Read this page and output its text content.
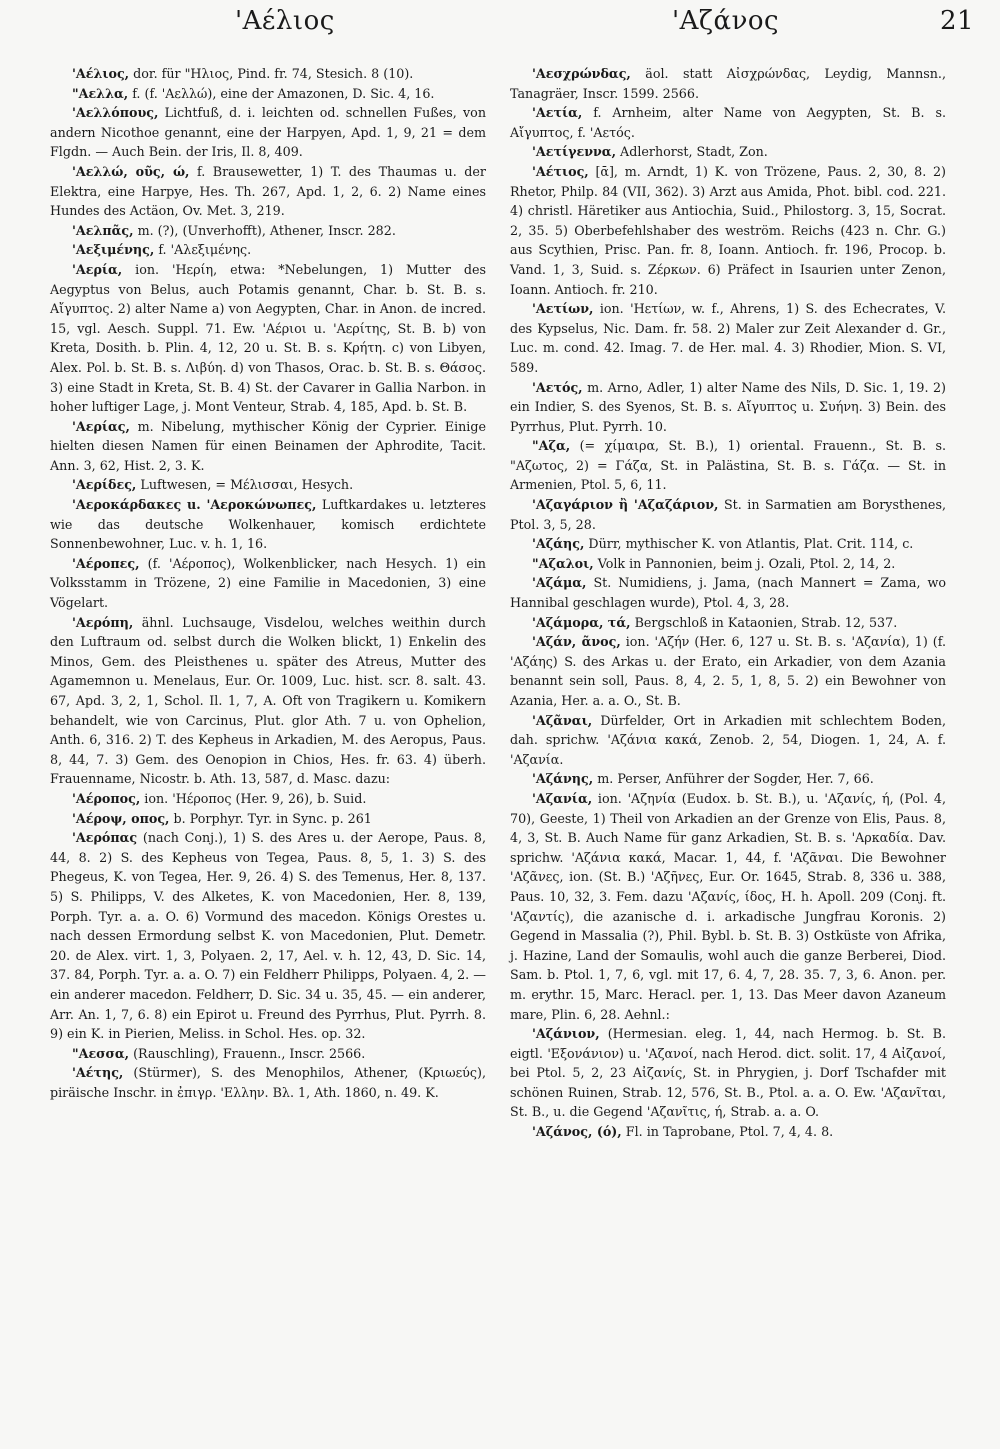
'Αέλιος	'Αζάνος	21

'Αέλιος, dor. für "Ηλιος, Pind. fr. 74, Stesich. 8 (10).

"Αελλα, f. (f. 'Αελλώ), eine der Amazonen, D. Sic. 4, 16.

'Αελλόπους, Lichtfuß, d. i. leichten od. schnellen Fußes, von andern Nicothoe genannt, eine der Harpyen, Apd. 1, 9, 21 = dem Flgdn. — Auch Bein. der Iris, Il. 8, 409.

'Αελλώ, οῦς, ώ, f. Brausewetter, 1) T. des Thaumas u. der Elektra, eine Harpye, Hes. Th. 267, Apd. 1, 2, 6. 2) Name eines Hundes des Actäon, Ov. Met. 3, 219.

'Αελπᾶς, m. (?), (Unverhofft), Athener, Inscr. 282.

'Αεξιμένης, f. 'Αλεξιμένης.

'Αερία, ion. 'Ηερίη, etwa: *Nebelungen, 1) Mutter des Aegyptus von Belus, auch Potamis genannt, Char. b. St. B. s. Αἴγυπτος. 2) alter Name a) von Aegypten, Char. in Anon. de incred. 15, vgl. Aesch. Suppl. 71. Ew. 'Αέριοι u. 'Αερίτης, St. B. b) von Kreta, Dosith. b. Plin. 4, 12, 20 u. St. B. s. Κρήτη. c) von Libyen, Alex. Pol. b. St. B. s. Λιβύη. d) von Thasos, Orac. b. St. B. s. Θάσος. 3) eine Stadt in Kreta, St. B. 4) St. der Cavarer in Gallia Narbon. in hoher luftiger Lage, j. Mont Venteur, Strab. 4, 185, Apd. b. St. B.

'Αερίας, m. Nibelung, mythischer König der Cyprier. Einige hielten diesen Namen für einen Beinamen der Aphrodite, Tacit. Ann. 3, 62, Hist. 2, 3. K.

'Αερίδες, Luftwesen, = Μέλισσαι, Hesych.

'Αεροκάρδακες u. 'Αεροκώνωπες, Luftkardakes u. letzteres wie das deutsche Wolkenhauer, komisch erdichtete Sonnenbewohner, Luc. v. h. 1, 16.

'Αέροπες, (f. 'Αέροπος), Wolkenblicker, nach Hesych. 1) ein Volksstamm in Trözene, 2) eine Familie in Macedonien, 3) eine Vögelart.

'Αερόπη, ähnl. Luchsauge, Visdelou, welches weithin durch den Luftraum od. selbst durch die Wolken blickt, 1) Enkelin des Minos, Gem. des Pleisthenes u. später des Atreus, Mutter des Agamemnon u. Menelaus, Eur. Or. 1009, Luc. hist. scr. 8. salt. 43. 67, Apd. 3, 2, 1, Schol. Il. 1, 7, A. Oft von Tragikern u. Komikern behandelt, wie von Carcinus, Plut. glor Ath. 7 u. von Ophelion, Anth. 6, 316. 2) T. des Kepheus in Arkadien, M. des Aeropus, Paus. 8, 44, 7. 3) Gem. des Oenopion in Chios, Hes. fr. 63. 4) überh. Frauenname, Nicostr. b. Ath. 13, 587, d. Masc. dazu:

'Αέροπος, ion. 'Ηέροπος (Her. 9, 26), b. Suid.

'Αέροψ, οπος, b. Porphyr. Tyr. in Sync. p. 261

'Αερόπας (nach Conj.), 1) S. des Ares u. der Aerope, Paus. 8, 44, 8. 2) S. des Kepheus von Tegea, Paus. 8, 5, 1. 3) S. des Phegeus, K. von Tegea, Her. 9, 26. 4) S. des Temenus, Her. 8, 137. 5) S. Philipps, V. des Alketes, K. von Macedonien, Her. 8, 139, Porph. Tyr. a. a. O. 6) Vormund des macedon. Königs Orestes u. nach dessen Ermordung selbst K. von Macedonien, Plut. Demetr. 20. de Alex. virt. 1, 3, Polyaen. 2, 17, Ael. v. h. 12, 43, D. Sic. 14, 37. 84, Porph. Tyr. a. a. O. 7) ein Feldherr Philipps, Polyaen. 4, 2. — ein anderer macedon. Feldherr, D. Sic. 34 u. 35, 45. — ein anderer, Arr. An. 1, 7, 6. 8) ein Epirot u. Freund des Pyrrhus, Plut. Pyrrh. 8. 9) ein K. in Pierien, Meliss. in Schol. Hes. op. 32.

"Αεσσα, (Rauschling), Frauenn., Inscr. 2566.

'Αέτης, (Stürmer), S. des Menophilos, Athener, (Κριωεύς), piräische Inschr. in ἐπιγρ. 'Ελλην. Βλ. 1, Ath. 1860, n. 49. K.

'Αεσχρώνδας, äol. statt Αἰσχρώνδας, Leydig, Mannsn., Tanagräer, Inscr. 1599. 2566.

'Αετία, f. Arnheim, alter Name von Aegypten, St. B. s. Αἴγυπτος, f. 'Αετός.

'Αετίγεννα, Adlerhorst, Stadt, Zon.

'Αέτιος, [ᾱ], m. Arndt, 1) K. von Trözene, Paus. 2, 30, 8. 2) Rhetor, Philp. 84 (VII, 362). 3) Arzt aus Amida, Phot. bibl. cod. 221. 4) christl. Häretiker aus Antiochia, Suid., Philostorg. 3, 15, Socrat. 2, 35. 5) Oberbefehlshaber des weström. Reichs (423 n. Chr. G.) aus Scythien, Prisc. Pan. fr. 8, Ioann. Antioch. fr. 196, Procop. b. Vand. 1, 3, Suid. s. Ζέρκων. 6) Präfect in Isaurien unter Zenon, Ioann. Antioch. fr. 210.

'Αετίων, ion. 'Ηετίων, w. f., Ahrens, 1) S. des Echecrates, V. des Kypselus, Nic. Dam. fr. 58. 2) Maler zur Zeit Alexander d. Gr., Luc. m. cond. 42. Imag. 7. de Her. mal. 4. 3) Rhodier, Mion. S. VI, 589.

'Αετός, m. Arno, Adler, 1) alter Name des Nils, D. Sic. 1, 19. 2) ein Indier, S. des Syenos, St. B. s. Αἴγυπτος u. Συήνη. 3) Bein. des Pyrrhus, Plut. Pyrrh. 10.

"Αζα, (= χίμαιρα, St. B.), 1) oriental. Frauenn., St. B. s. "Αζωτος, 2) = Γάζα, St. in Palästina, St. B. s. Γάζα. — St. in Armenien, Ptol. 5, 6, 11.

'Αζαγάριον ἢ 'Αζαζάριον, St. in Sarmatien am Borysthenes, Ptol. 3, 5, 28.

'Αζάης, Dürr, mythischer K. von Atlantis, Plat. Crit. 114, c.

"Αζαλοι, Volk in Pannonien, beim j. Ozali, Ptol. 2, 14, 2.

'Αζάμα, St. Numidiens, j. Jama, (nach Mannert = Zama, wo Hannibal geschlagen wurde), Ptol. 4, 3, 28.

'Αζάμορα, τά, Bergschloß in Kataonien, Strab. 12, 537.

'Αζάν, ᾶνος, ion. 'Αζήν (Her. 6, 127 u. St. B. s. 'Αζανία), 1) (f. 'Αζάης) S. des Arkas u. der Erato, ein Arkadier, von dem Azania benannt sein soll, Paus. 8, 4, 2. 5, 1, 8, 5. 2) ein Bewohner von Azania, Her. a. a. O., St. B.

'Αζᾶναι, Dürfelder, Ort in Arkadien mit schlechtem Boden, dah. sprichw. 'Αζάνια κακά, Zenob. 2, 54, Diogen. 1, 24, A. f. 'Αζανία.

'Αζάνης, m. Perser, Anführer der Sogder, Her. 7, 66.

'Αζανία, ion. 'Αζηνία (Eudox. b. St. B.), u. 'Αζανίς, ή, (Pol. 4, 70), Geeste, 1) Theil von Arkadien an der Grenze von Elis, Paus. 8, 4, 3, St. B. Auch Name für ganz Arkadien, St. B. s. 'Αρκαδία. Dav. sprichw. 'Αζάνια κακά, Macar. 1, 44, f. 'Αζᾶναι. Die Bewohner 'Αζᾶνες, ion. (St. B.) 'Αζῆνες, Eur. Or. 1645, Strab. 8, 336 u. 388, Paus. 10, 32, 3. Fem. dazu 'Αζανίς, ίδος, H. h. Apoll. 209 (Conj. ft. 'Αζαντίς), die azanische d. i. arkadische Jungfrau Koronis. 2) Gegend in Massalia (?), Phil. Bybl. b. St. B. 3) Ostküste von Afrika, j. Hazine, Land der Somaulis, wohl auch die ganze Berberei, Diod. Sam. b. Ptol. 1, 7, 6, vgl. mit 17, 6. 4, 7, 28. 35. 7, 3, 6. Anon. per. m. erythr. 15, Marc. Heracl. per. 1, 13. Das Meer davon Azaneum mare, Plin. 6, 28. Aehnl.:

'Αζάνιον, (Hermesian. eleg. 1, 44, nach Hermog. b. St. B. eigtl. 'Εξονάνιον) u. 'Αζανοί, nach Herod. dict. solit. 17, 4 Αἰζανοί, bei Ptol. 5, 2, 23 Αἰζανίς, St. in Phrygien, j. Dorf Tschafder mit schönen Ruinen, Strab. 12, 576, St. B., Ptol. a. a. O. Ew. 'Αζανῖται, St. B., u. die Gegend 'Αζανῖτις, ή, Strab. a. a. O.

'Αζάνος, (ό), Fl. in Taprobane, Ptol. 7, 4, 4. 8.
